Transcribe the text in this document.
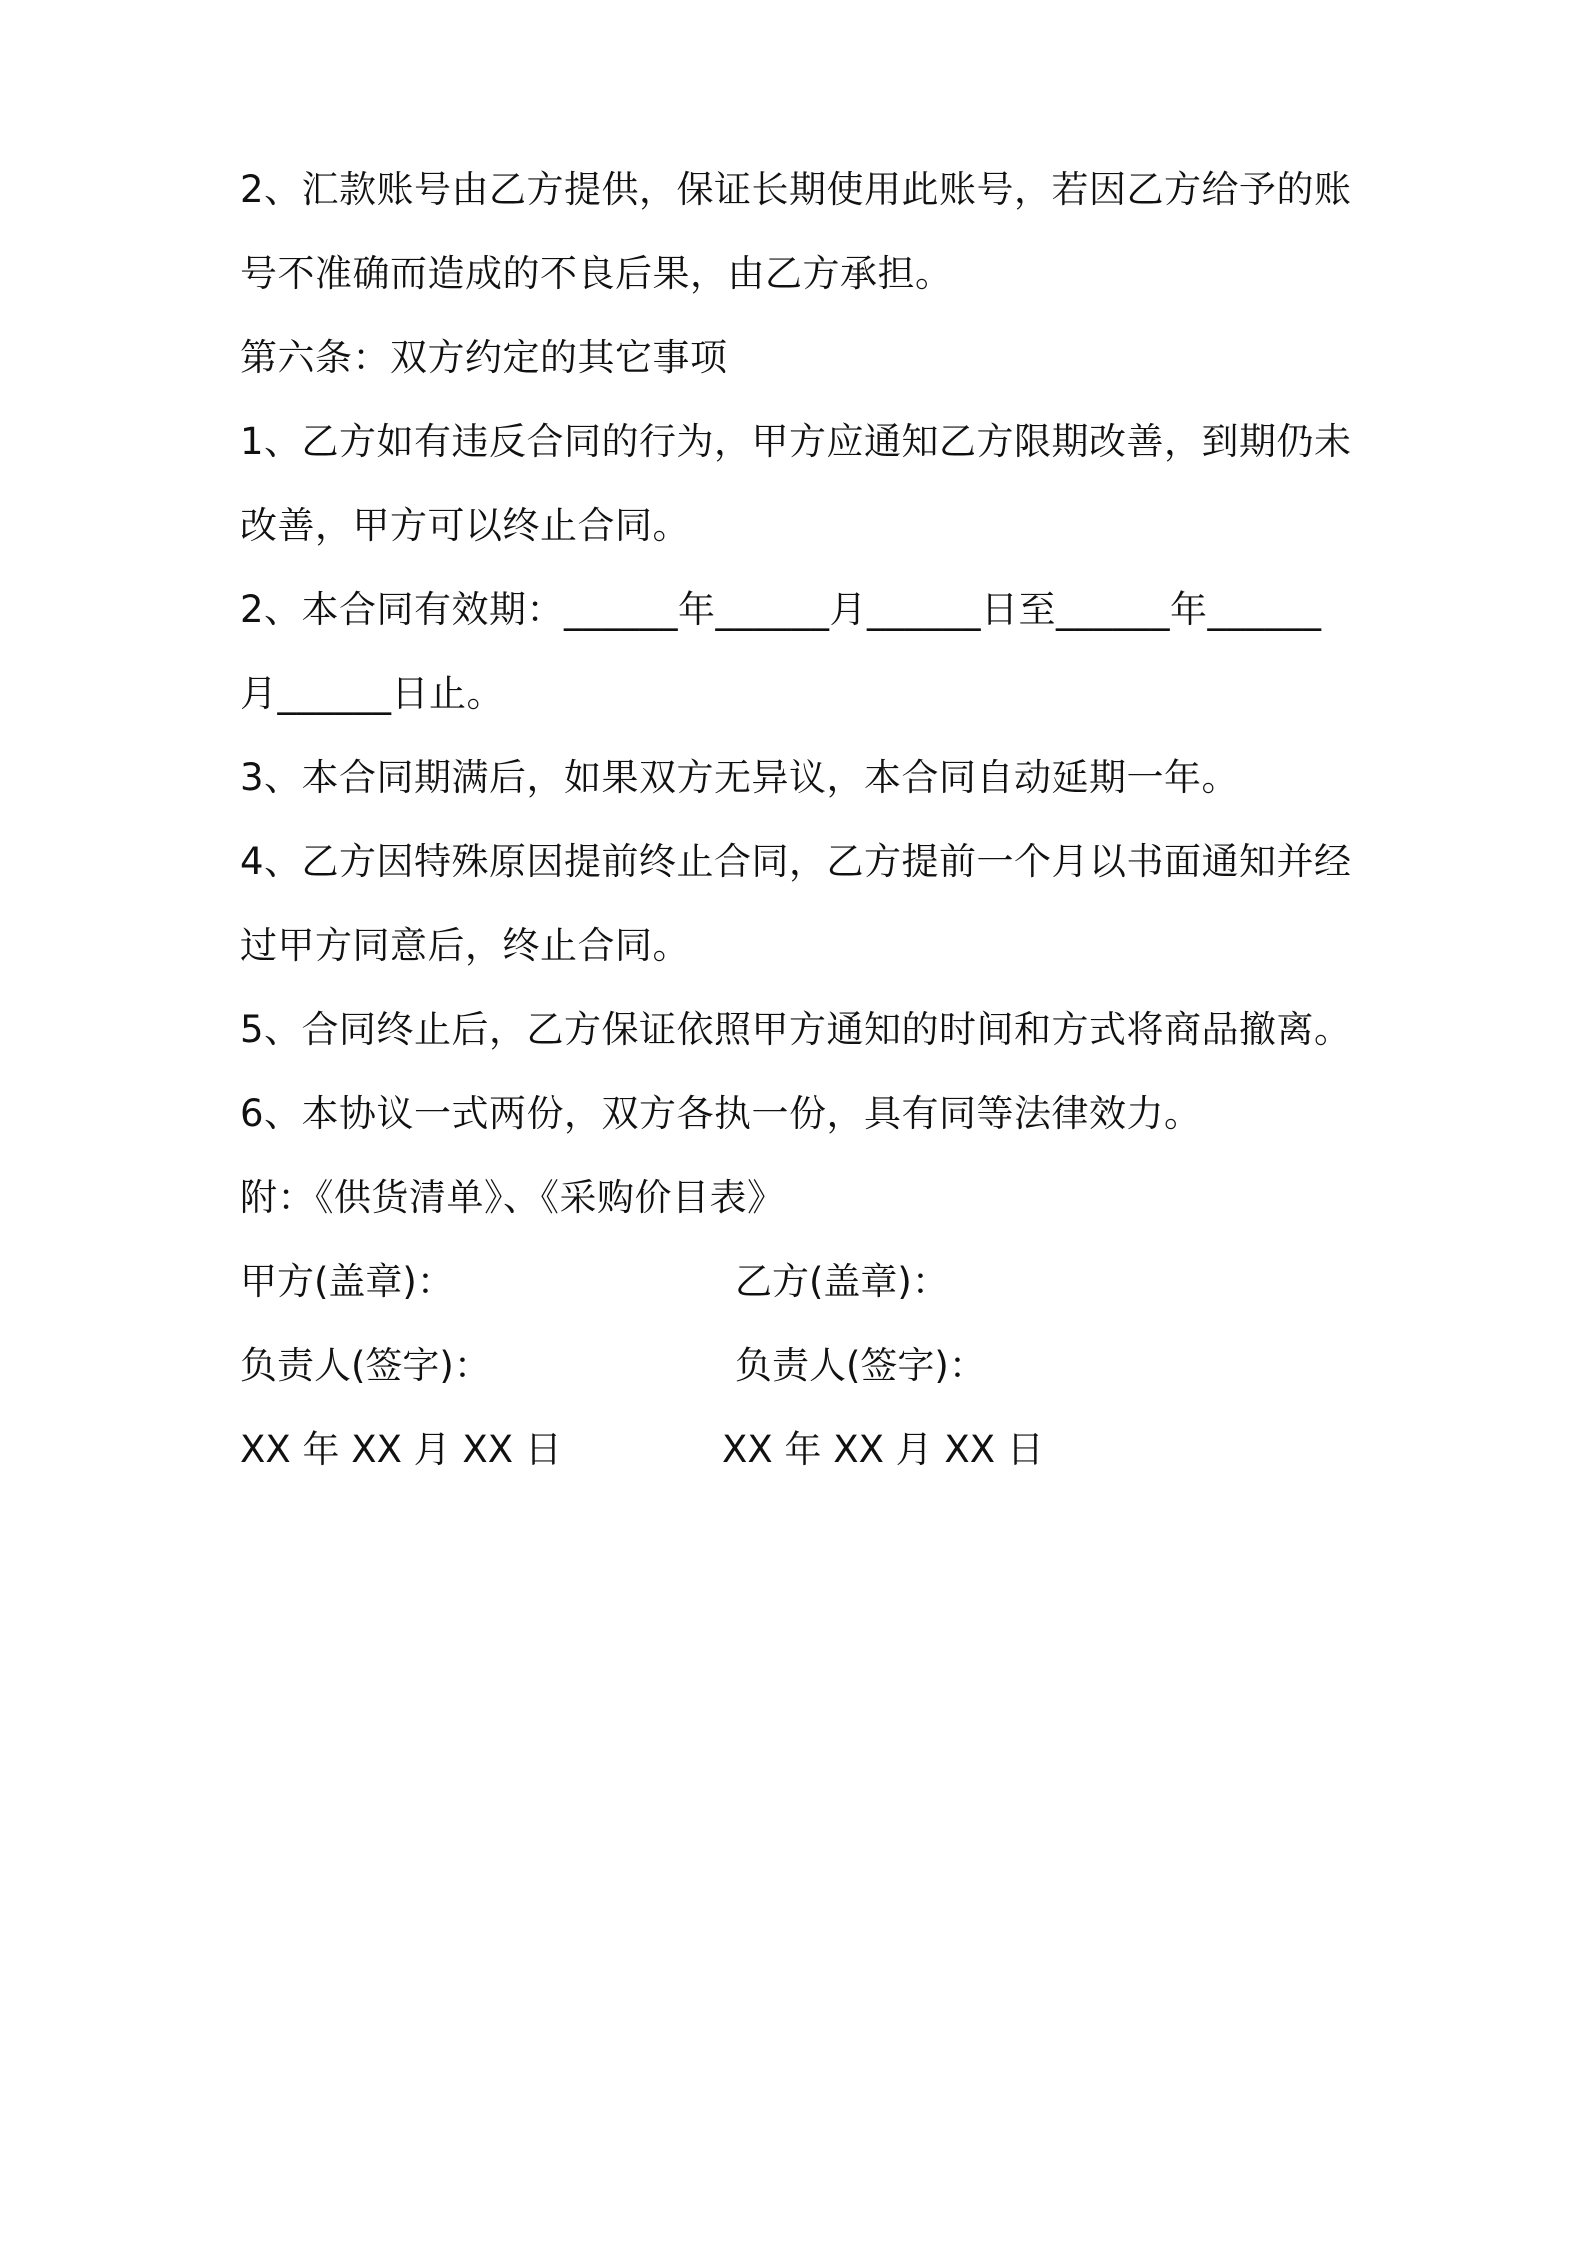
2、汇款账号由乙方提供，保证长期使用此账号，若因乙方给予的账
号不准确而造成的不良后果，由乙方承担。
第六条：双方约定的其它事项
1、乙方如有违反合同的行为，甲方应通知乙方限期改善，到期仍未
改善，甲方可以终止合同。
2、本合同有效期：______年______月______日至______年______
月______日止。
3、本合同期满后，如果双方无异议，本合同自动延期一年。
4、乙方因特殊原因提前终止合同，乙方提前一个月以书面通知并经
过甲方同意后，终止合同。
5、合同终止后，乙方保证依照甲方通知的时间和方式将商品撤离。
6、本协议一式两份，双方各执一份，具有同等法律效力。
附：《供货清单》、《采购价目表》
甲方(盖章)：	乙方(盖章)：
负责人(签字)：	负责人(签字)：
XX 年 XX 月 XX 日	XX 年 XX 月 XX 日
